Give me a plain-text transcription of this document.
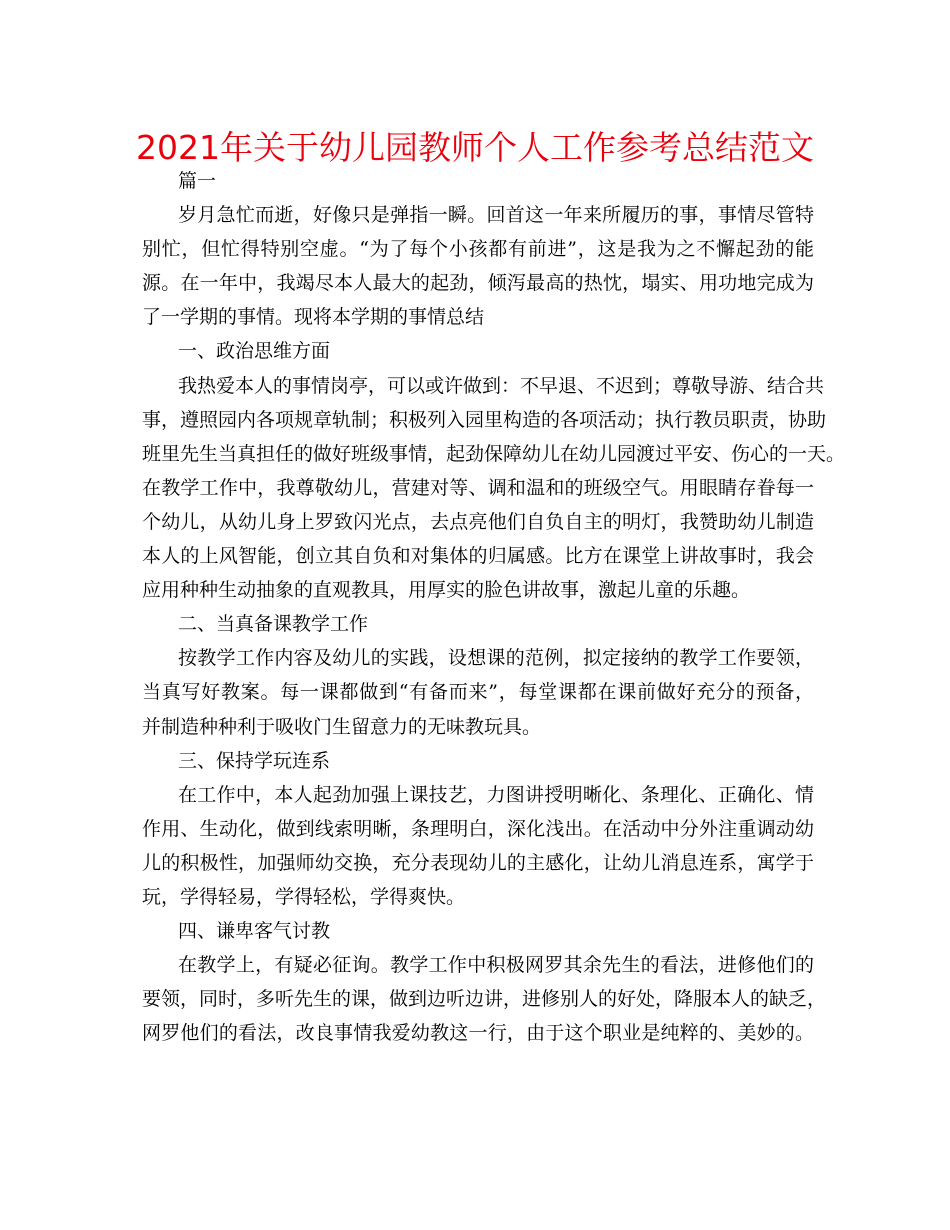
2021年关于幼儿园教师个人工作参考总结范文
篇一
岁月急忙而逝，好像只是弹指一瞬。回首这一年来所履历的事，事情尽管特
别忙，但忙得特别空虚。“为了每个小孩都有前进”，这是我为之不懈起劲的能
源。在一年中，我竭尽本人最大的起劲，倾泻最高的热忱，塌实、用功地完成为
了一学期的事情。现将本学期的事情总结
一、政治思维方面
我热爱本人的事情岗亭，可以或许做到：不早退、不迟到；尊敬导游、结合共
事，遵照园内各项规章轨制；积极列入园里构造的各项活动；执行教员职责，协助
班里先生当真担任的做好班级事情，起劲保障幼儿在幼儿园渡过平安、伤心的一天。
在教学工作中，我尊敬幼儿，营建对等、调和温和的班级空气。用眼睛存眷每一
个幼儿，从幼儿身上罗致闪光点，去点亮他们自负自主的明灯，我赞助幼儿制造
本人的上风智能，创立其自负和对集体的归属感。比方在课堂上讲故事时，我会
应用种种生动抽象的直观教具，用厚实的脸色讲故事，激起儿童的乐趣。
二、当真备课教学工作
按教学工作内容及幼儿的实践，设想课的范例，拟定接纳的教学工作要领，
当真写好教案。每一课都做到“有备而来”，每堂课都在课前做好充分的预备，
并制造种种利于吸收门生留意力的无味教玩具。
三、保持学玩连系
在工作中，本人起劲加强上课技艺，力图讲授明晰化、条理化、正确化、情
作用、生动化，做到线索明晰，条理明白，深化浅出。在活动中分外注重调动幼
儿的积极性，加强师幼交换，充分表现幼儿的主感化，让幼儿消息连系，寓学于
玩，学得轻易，学得轻松，学得爽快。
四、谦卑客气讨教
在教学上，有疑必征询。教学工作中积极网罗其余先生的看法，进修他们的
要领，同时，多听先生的课，做到边听边讲，进修别人的好处，降服本人的缺乏，
网罗他们的看法，改良事情我爱幼教这一行，由于这个职业是纯粹的、美妙的。
